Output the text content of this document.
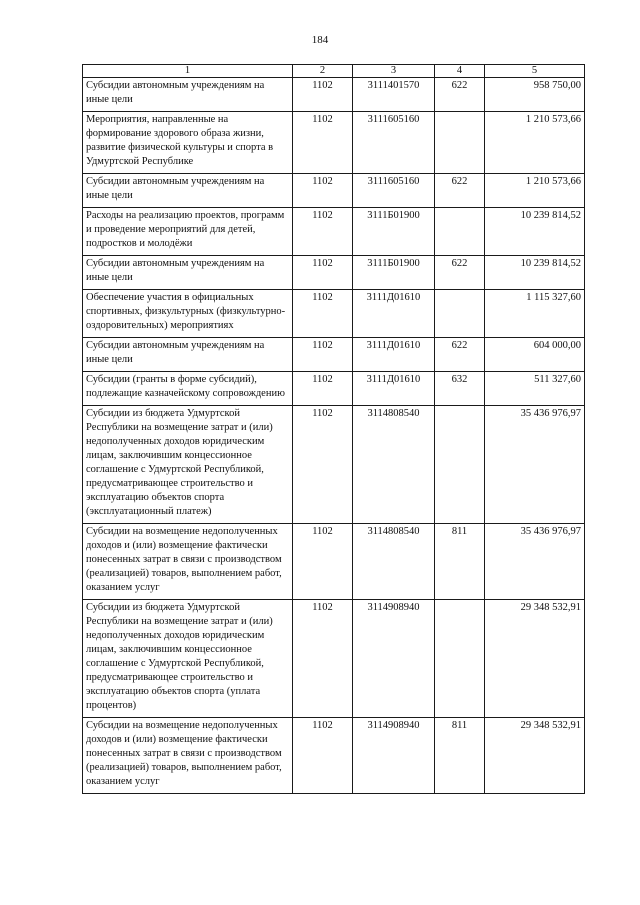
184
1	2	3	4	5
Субсидии автономным учреждениям на иные цели	1102	3111401570	622	958 750,00
Мероприятия, направленные на формирование здорового образа жизни, развитие физической культуры и спорта в Удмуртской Республике	1102	3111605160		1 210 573,66
Субсидии автономным учреждениям на иные цели	1102	3111605160	622	1 210 573,66
Расходы на реализацию проектов, программ и проведение мероприятий для детей, подростков и молодёжи	1102	3111Б01900		10 239 814,52
Субсидии автономным учреждениям на иные цели	1102	3111Б01900	622	10 239 814,52
Обеспечение участия в официальных спортивных, физкультурных (физкультурно-оздоровительных) мероприятиях	1102	3111Д01610		1 115 327,60
Субсидии автономным учреждениям на иные цели	1102	3111Д01610	622	604 000,00
Субсидии (гранты в форме субсидий), подлежащие казначейскому сопровождению	1102	3111Д01610	632	511 327,60
Субсидии из бюджета Удмуртской Республики на возмещение затрат и (или) недополученных доходов юридическим лицам, заключившим концессионное соглашение с Удмуртской Республикой, предусматривающее строительство и эксплуатацию объектов спорта (эксплуатационный платеж)	1102	3114808540		35 436 976,97
Субсидии на возмещение недополученных доходов и (или) возмещение фактически понесенных затрат в связи с производством (реализацией) товаров, выполнением работ, оказанием услуг	1102	3114808540	811	35 436 976,97
Субсидии из бюджета Удмуртской Республики на возмещение затрат и (или) недополученных доходов юридическим лицам, заключившим концессионное соглашение с Удмуртской Республикой, предусматривающее строительство и эксплуатацию объектов спорта (уплата процентов)	1102	3114908940		29 348 532,91
Субсидии на возмещение недополученных доходов и (или) возмещение фактически понесенных затрат в связи с производством (реализацией) товаров, выполнением работ, оказанием услуг	1102	3114908940	811	29 348 532,91
